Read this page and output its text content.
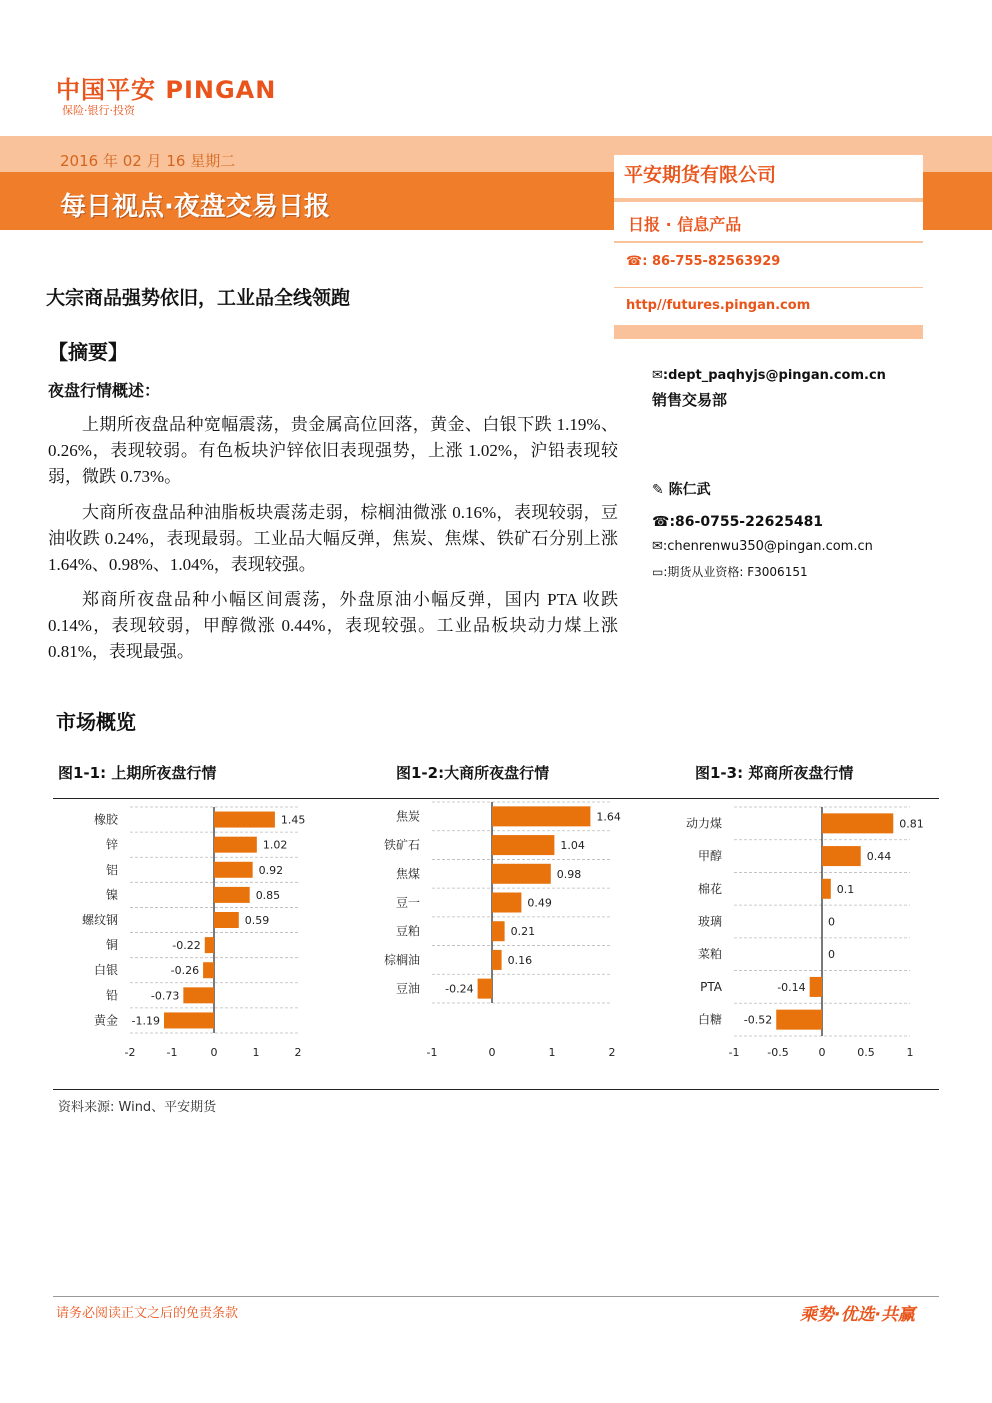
中国平安 PINGAN
保险·银行·投资
2016 年 02 月 16 星期二
每日视点·夜盘交易日报
平安期货有限公司
日报 · 信息产品
☎: 86-755-82563929
http//futures.pingan.com
✉:dept_paqhyjs@pingan.com.cn
销售交易部
✎ 陈仁武
☎:86-0755-22625481
✉:chenrenwu350@pingan.com.cn
▭:期货从业资格: F3006151
大宗商品强势依旧，工业品全线领跑
【摘要】
夜盘行情概述：
上期所夜盘品种宽幅震荡，贵金属高位回落，黄金、白银下跌 1.19%、0.26%，表现较弱。有色板块沪锌依旧表现强势，上涨 1.02%，沪铅表现较弱，微跌 0.73%。
大商所夜盘品种油脂板块震荡走弱，棕榈油微涨 0.16%，表现较弱，豆油收跌 0.24%，表现最弱。工业品大幅反弹，焦炭、焦煤、铁矿石分别上涨 1.64%、0.98%、1.04%，表现较强。
郑商所夜盘品种小幅区间震荡，外盘原油小幅反弹，国内 PTA 收跌 0.14%，表现较弱，甲醇微涨 0.44%，表现较强。工业品板块动力煤上涨 0.81%，表现最强。
市场概览
图1-1: 上期所夜盘行情	图1-2:大商所夜盘行情	图1-3: 郑商所夜盘行情
橡胶	1.45
锌	1.02
铝	0.92
镍	0.85
螺纹钢	0.59
铜	-0.22
白银	-0.26
铅	-0.73
黄金 -1.19
-2	-1	0	1	2
焦炭	1.64
铁矿石	1.04
焦煤	0.98
豆一	0.49
豆粕	0.21
棕榈油	0.16
豆油 -0.24
-1	0	1	2
动力煤	0.81
甲醇	0.44
棉花	0.1
玻璃	0
菜粕	0
PTA	-0.14
白糖 -0.52
-1	-0.5	0	0.5	1
资料来源: Wind、平安期货
请务必阅读正文之后的免责条款	乘势·优选·共赢
